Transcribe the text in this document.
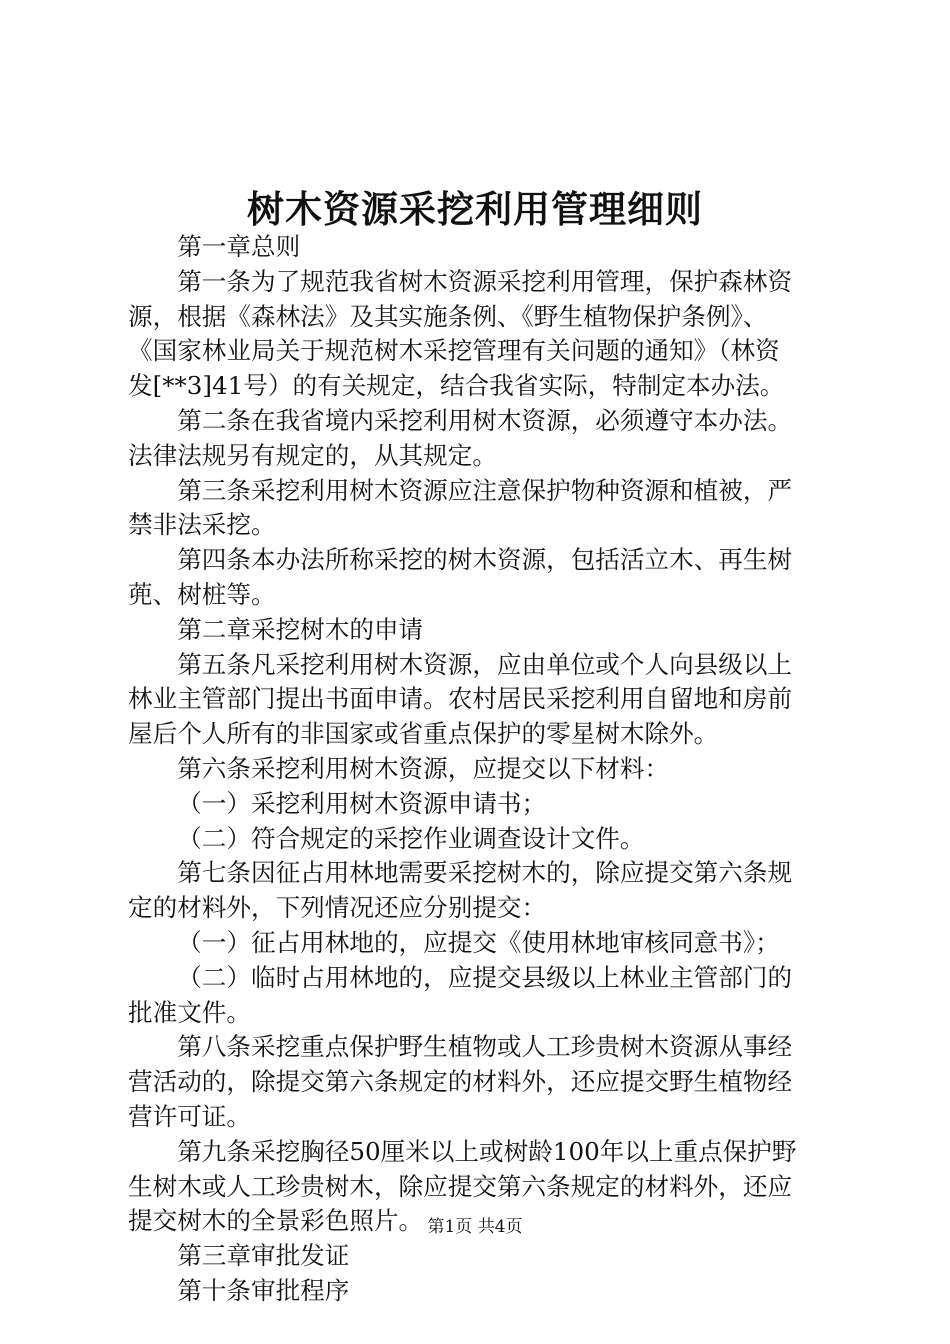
树木资源采挖利用管理细则

第一章总则

第一条为了规范我省树木资源采挖利用管理，保护森林资

源，根据《森林法》及其实施条例、《野生植物保护条例》、

《国家林业局关于规范树木采挖管理有关问题的通知》（林资

发[**3]41号）的有关规定，结合我省实际，特制定本办法。

第二条在我省境内采挖利用树木资源，必须遵守本办法。

法律法规另有规定的，从其规定。

第三条采挖利用树木资源应注意保护物种资源和植被，严

禁非法采挖。

第四条本办法所称采挖的树木资源，包括活立木、再生树

蔸、树桩等。

第二章采挖树木的申请

第五条凡采挖利用树木资源，应由单位或个人向县级以上

林业主管部门提出书面申请。农村居民采挖利用自留地和房前

屋后个人所有的非国家或省重点保护的零星树木除外。

第六条采挖利用树木资源，应提交以下材料：

（一）采挖利用树木资源申请书；

（二）符合规定的采挖作业调查设计文件。

第七条因征占用林地需要采挖树木的，除应提交第六条规

定的材料外，下列情况还应分别提交：

（一）征占用林地的，应提交《使用林地审核同意书》；

（二）临时占用林地的，应提交县级以上林业主管部门的

批准文件。

第八条采挖重点保护野生植物或人工珍贵树木资源从事经

营活动的，除提交第六条规定的材料外，还应提交野生植物经

营许可证。

第九条采挖胸径50厘米以上或树龄100年以上重点保护野

生树木或人工珍贵树木，除应提交第六条规定的材料外，还应

提交树木的全景彩色照片。

第三章审批发证

第十条审批程序

第1页 共4页
